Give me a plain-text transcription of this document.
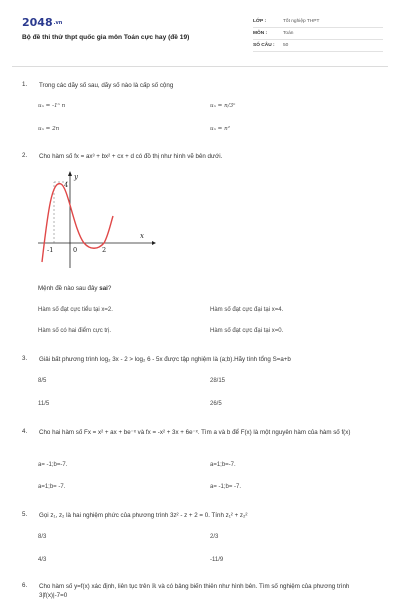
2048.vn
Bộ đề thi thử thpt quốc gia môn Toán cực hay (đề 19)
LỚP :	Tốt nghiệp THPT
MÔN :	Toán
SỐ CÂU :	50
1. Trong các dãy số sau, dãy số nào là cấp số cộng
uₙ = -1ⁿ n	uₙ = n/3ⁿ
uₙ = 2n	uₙ = n²
2. Cho hàm số fx = ax³ + bx² + cx + d có đồ thị như hình vẽ bên dưới.
y
x
4
-1	0	2
Mệnh đề nào sau đây sai?
Hàm số đạt cực tiểu tại x=2.	Hàm số đạt cực đại tại x=4.
Hàm số có hai điểm cực trị.	Hàm số đạt cực đại tại x=0.
3. Giải bất phương trình log₂ 3x - 2 > log₂ 6 - 5x được tập nghiệm là (a;b).Hãy tính tổng S=a+b
8/5	28/15
11/5	26/5
4. Cho hai hàm số Fx = x² + ax + be⁻ˣ và fx = -x² + 3x + 6e⁻ˣ. Tìm a và b để F(x) là một nguyên hàm của hàm số f(x)
a= -1;b=-7.	a=1;b=-7.
a=1;b= -7.	a= -1;b= -7.
5. Gọi z₁, z₂ là hai nghiệm phức của phương trình 3z² - z + 2 = 0. Tính z₁² + z₂²
8/3	2/3
4/3	-11/9
6. Cho hàm số y=f(x) xác định, liên tục trên ℝ và có bảng biến thiên như hình bên. Tìm số nghiệm của phương trình 3|f(x)|-7=0
